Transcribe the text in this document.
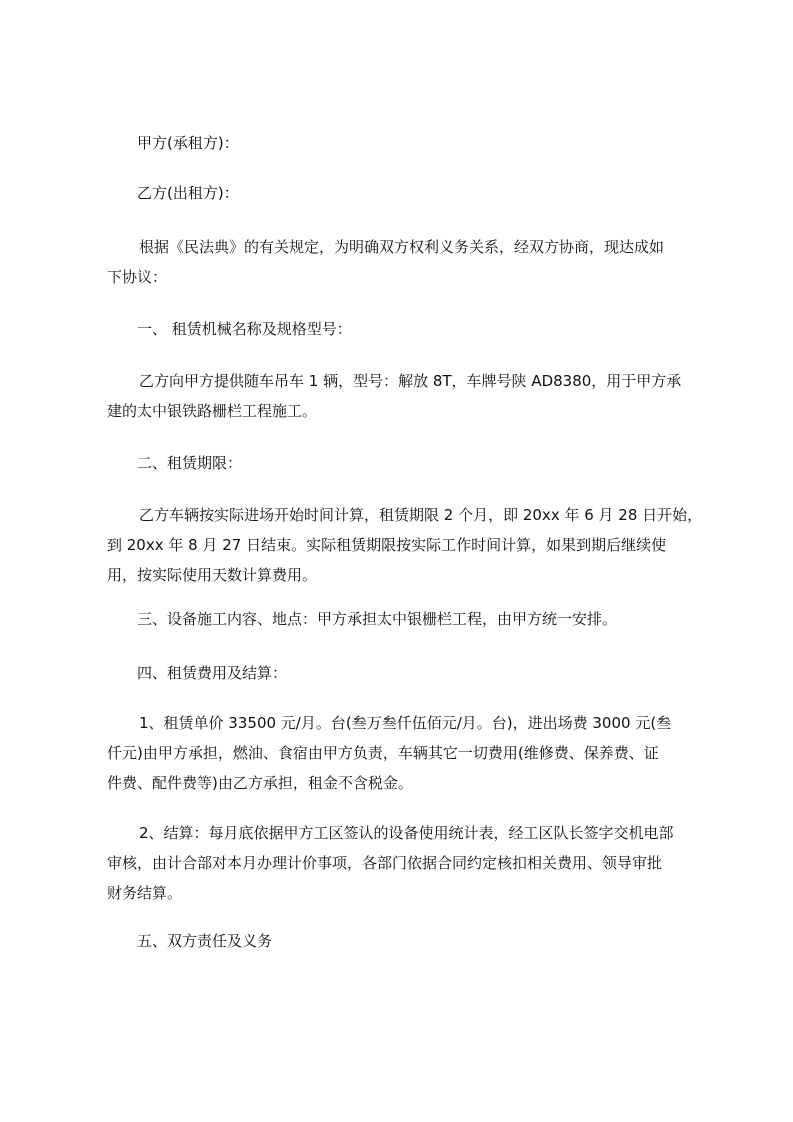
甲方(承租方)：

乙方(出租方)：

根据《民法典》的有关规定，为明确双方权利义务关系，经双方协商，现达成如
下协议：

一、 租赁机械名称及规格型号：

乙方向甲方提供随车吊车 1 辆，型号：解放 8T，车牌号陕 AD8380，用于甲方承
建的太中银铁路栅栏工程施工。

二、租赁期限：

乙方车辆按实际进场开始时间计算，租赁期限 2 个月，即 20xx 年 6 月 28 日开始，
到 20xx 年 8 月 27 日结束。实际租赁期限按实际工作时间计算，如果到期后继续使
用，按实际使用天数计算费用。

三、设备施工内容、地点：甲方承担太中银栅栏工程，由甲方统一安排。

四、租赁费用及结算：

1、租赁单价 33500 元/月。台(叁万叁仟伍佰元/月。台)，进出场费 3000 元(叁
仟元)由甲方承担，燃油、食宿由甲方负责，车辆其它一切费用(维修费、保养费、证
件费、配件费等)由乙方承担，租金不含税金。

2、结算：每月底依据甲方工区签认的设备使用统计表，经工区队长签字交机电部
审核，由计合部对本月办理计价事项，各部门依据合同约定核扣相关费用、领导审批
财务结算。

五、双方责任及义务
